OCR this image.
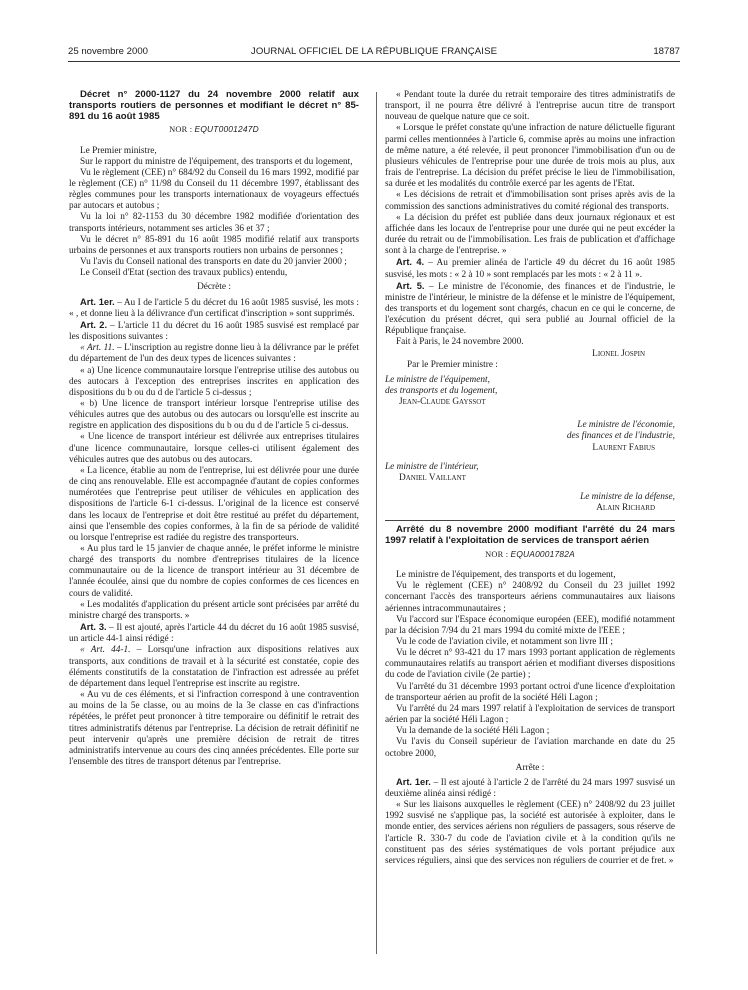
25 novembre 2000	JOURNAL OFFICIEL DE LA RÉPUBLIQUE FRANÇAISE	18787
Décret n° 2000-1127 du 24 novembre 2000 relatif aux transports routiers de personnes et modifiant le décret n° 85-891 du 16 août 1985
NOR : EQUT0001247D

Le Premier ministre,

Sur le rapport du ministre de l'équipement, des transports et du logement,

Vu le règlement (CEE) n° 684/92 du Conseil du 16 mars 1992, modifié par le règlement (CE) n° 11/98 du Conseil du 11 décembre 1997, établissant des règles communes pour les transports internationaux de voyageurs effectués par autocars et autobus ;

Vu la loi n° 82-1153 du 30 décembre 1982 modifiée d'orientation des transports intérieurs, notamment ses articles 36 et 37 ;

Vu le décret n° 85-891 du 16 août 1985 modifié relatif aux transports urbains de personnes et aux transports routiers non urbains de personnes ;

Vu l'avis du Conseil national des transports en date du 20 janvier 2000 ;

Le Conseil d'Etat (section des travaux publics) entendu,

Décrète :

Art. 1er. – Au I de l'article 5 du décret du 16 août 1985 susvisé, les mots : « , et donne lieu à la délivrance d'un certificat d'inscription » sont supprimés.

Art. 2. – L'article 11 du décret du 16 août 1985 susvisé est remplacé par les dispositions suivantes :

« Art. 11. – L'inscription au registre donne lieu à la délivrance par le préfet du département de l'un des deux types de licences suivantes :

« a) Une licence communautaire lorsque l'entreprise utilise des autobus ou des autocars à l'exception des entreprises inscrites en application des dispositions du b ou du d de l'article 5 ci-dessus ;

« b) Une licence de transport intérieur lorsque l'entreprise utilise des véhicules autres que des autobus ou des autocars ou lorsqu'elle est inscrite au registre en application des dispositions du b ou du d de l'article 5 ci-dessus.

« Une licence de transport intérieur est délivrée aux entreprises titulaires d'une licence communautaire, lorsque celles-ci utilisent également des véhicules autres que des autobus ou des autocars.

« La licence, établie au nom de l'entreprise, lui est délivrée pour une durée de cinq ans renouvelable. Elle est accompagnée d'autant de copies conformes numérotées que l'entreprise peut utiliser de véhicules en application des dispositions de l'article 6-1 ci-dessus. L'original de la licence est conservé dans les locaux de l'entreprise et doit être restitué au préfet du département, ainsi que l'ensemble des copies conformes, à la fin de sa période de validité ou lorsque l'entreprise est radiée du registre des transporteurs.

« Au plus tard le 15 janvier de chaque année, le préfet informe le ministre chargé des transports du nombre d'entreprises titulaires de la licence communautaire ou de la licence de transport intérieur au 31 décembre de l'année écoulée, ainsi que du nombre de copies conformes de ces licences en cours de validité.

« Les modalités d'application du présent article sont précisées par arrêté du ministre chargé des transports. »

Art. 3. – Il est ajouté, après l'article 44 du décret du 16 août 1985 susvisé, un article 44-1 ainsi rédigé :

« Art. 44-1. – Lorsqu'une infraction aux dispositions relatives aux transports, aux conditions de travail et à la sécurité est constatée, copie des éléments constitutifs de la constatation de l'infraction est adressée au préfet de département dans lequel l'entreprise est inscrite au registre.

« Au vu de ces éléments, et si l'infraction correspond à une contravention au moins de la 5e classe, ou au moins de la 3e classe en cas d'infractions répétées, le préfet peut prononcer à titre temporaire ou définitif le retrait des titres administratifs détenus par l'entreprise. La décision de retrait définitif ne peut intervenir qu'après une première décision de retrait de titres administratifs intervenue au cours des cinq années précédentes. Elle porte sur l'ensemble des titres de transport détenus par l'entreprise.

« Pendant toute la durée du retrait temporaire des titres administratifs de transport, il ne pourra être délivré à l'entreprise aucun titre de transport nouveau de quelque nature que ce soit.

« Lorsque le préfet constate qu'une infraction de nature délictuelle figurant parmi celles mentionnées à l'article 6, commise après au moins une infraction de même nature, a été relevée, il peut prononcer l'immobilisation d'un ou de plusieurs véhicules de l'entreprise pour une durée de trois mois au plus, aux frais de l'entreprise. La décision du préfet précise le lieu de l'immobilisation, sa durée et les modalités du contrôle exercé par les agents de l'Etat.

« Les décisions de retrait et d'immobilisation sont prises après avis de la commission des sanctions administratives du comité régional des transports.

« La décision du préfet est publiée dans deux journaux régionaux et est affichée dans les locaux de l'entreprise pour une durée qui ne peut excéder la durée du retrait ou de l'immobilisation. Les frais de publication et d'affichage sont à la charge de l'entreprise. »

Art. 4. – Au premier alinéa de l'article 49 du décret du 16 août 1985 susvisé, les mots : « 2 à 10 » sont remplacés par les mots : « 2 à 11 ».

Art. 5. – Le ministre de l'économie, des finances et de l'industrie, le ministre de l'intérieur, le ministre de la défense et le ministre de l'équipement, des transports et du logement sont chargés, chacun en ce qui le concerne, de l'exécution du présent décret, qui sera publié au Journal officiel de la République française.

Fait à Paris, le 24 novembre 2000.

Lionel Jospin
Par le Premier ministre :
Le ministre de l'équipement,
des transports et du logement,
Jean-Claude Gayssot
Le ministre de l'économie,
des finances et de l'industrie,
Laurent Fabius
Le ministre de l'intérieur,
Daniel Vaillant
Le ministre de la défense,
Alain Richard
Arrêté du 8 novembre 2000 modifiant l'arrêté du 24 mars 1997 relatif à l'exploitation de services de transport aérien
NOR : EQUA0001782A

Le ministre de l'équipement, des transports et du logement,

Vu le règlement (CEE) n° 2408/92 du Conseil du 23 juillet 1992 concernant l'accès des transporteurs aériens communautaires aux liaisons aériennes intracommunautaires ;

Vu l'accord sur l'Espace économique européen (EEE), modifié notamment par la décision 7/94 du 21 mars 1994 du comité mixte de l'EEE ;

Vu le code de l'aviation civile, et notamment son livre III ;

Vu le décret n° 93-421 du 17 mars 1993 portant application de règlements communautaires relatifs au transport aérien et modifiant diverses dispositions du code de l'aviation civile (2e partie) ;

Vu l'arrêté du 31 décembre 1993 portant octroi d'une licence d'exploitation de transporteur aérien au profit de la société Héli Lagon ;

Vu l'arrêté du 24 mars 1997 relatif à l'exploitation de services de transport aérien par la société Héli Lagon ;

Vu la demande de la société Héli Lagon ;

Vu l'avis du Conseil supérieur de l'aviation marchande en date du 25 octobre 2000,

Arrête :

Art. 1er. – Il est ajouté à l'article 2 de l'arrêté du 24 mars 1997 susvisé un deuxième alinéa ainsi rédigé :

« Sur les liaisons auxquelles le règlement (CEE) n° 2408/92 du 23 juillet 1992 susvisé ne s'applique pas, la société est autorisée à exploiter, dans le monde entier, des services aériens non réguliers de passagers, sous réserve de l'article R. 330-7 du code de l'aviation civile et à la condition qu'ils ne constituent pas des séries systématiques de vols portant préjudice aux services réguliers, ainsi que des services non réguliers de courrier et de fret. »
